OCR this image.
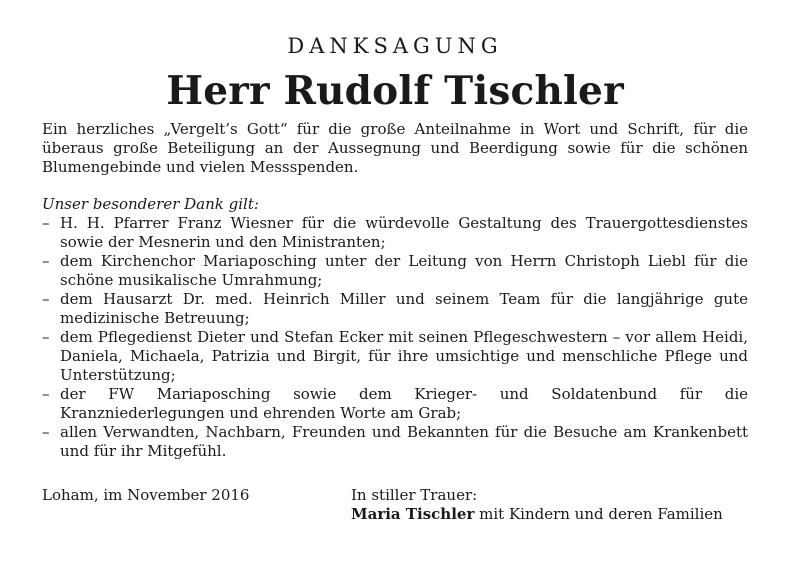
DANKSAGUNG
Herr Rudolf Tischler

Ein herzliches „Vergelt’s Gott“ für die große Anteilnahme in Wort und Schrift, für die überaus große Beteiligung an der Aussegnung und Beerdigung sowie für die schönen Blumengebinde und vielen Messspenden.

Unser besonderer Dank gilt:

– H. H. Pfarrer Franz Wiesner für die würdevolle Gestaltung des Trauergottesdienstes sowie der Mesnerin und den Ministranten;
– dem Kirchenchor Mariaposching unter der Leitung von Herrn Christoph Liebl für die schöne musikalische Umrahmung;
– dem Hausarzt Dr. med. Heinrich Miller und seinem Team für die langjährige gute medizinische Betreuung;
– dem Pflegedienst Dieter und Stefan Ecker mit seinen Pflegeschwestern – vor allem Heidi, Daniela, Michaela, Patrizia und Birgit, für ihre umsichtige und menschliche Pflege und Unterstützung;
– der FW Mariaposching sowie dem Krieger- und Soldatenbund für die Kranzniederlegungen und ehrenden Worte am Grab;
– allen Verwandten, Nachbarn, Freunden und Bekannten für die Besuche am Krankenbett und für ihr Mitgefühl.
Loham, im November 2016	In stiller Trauer:
Maria Tischler mit Kindern und deren Familien
